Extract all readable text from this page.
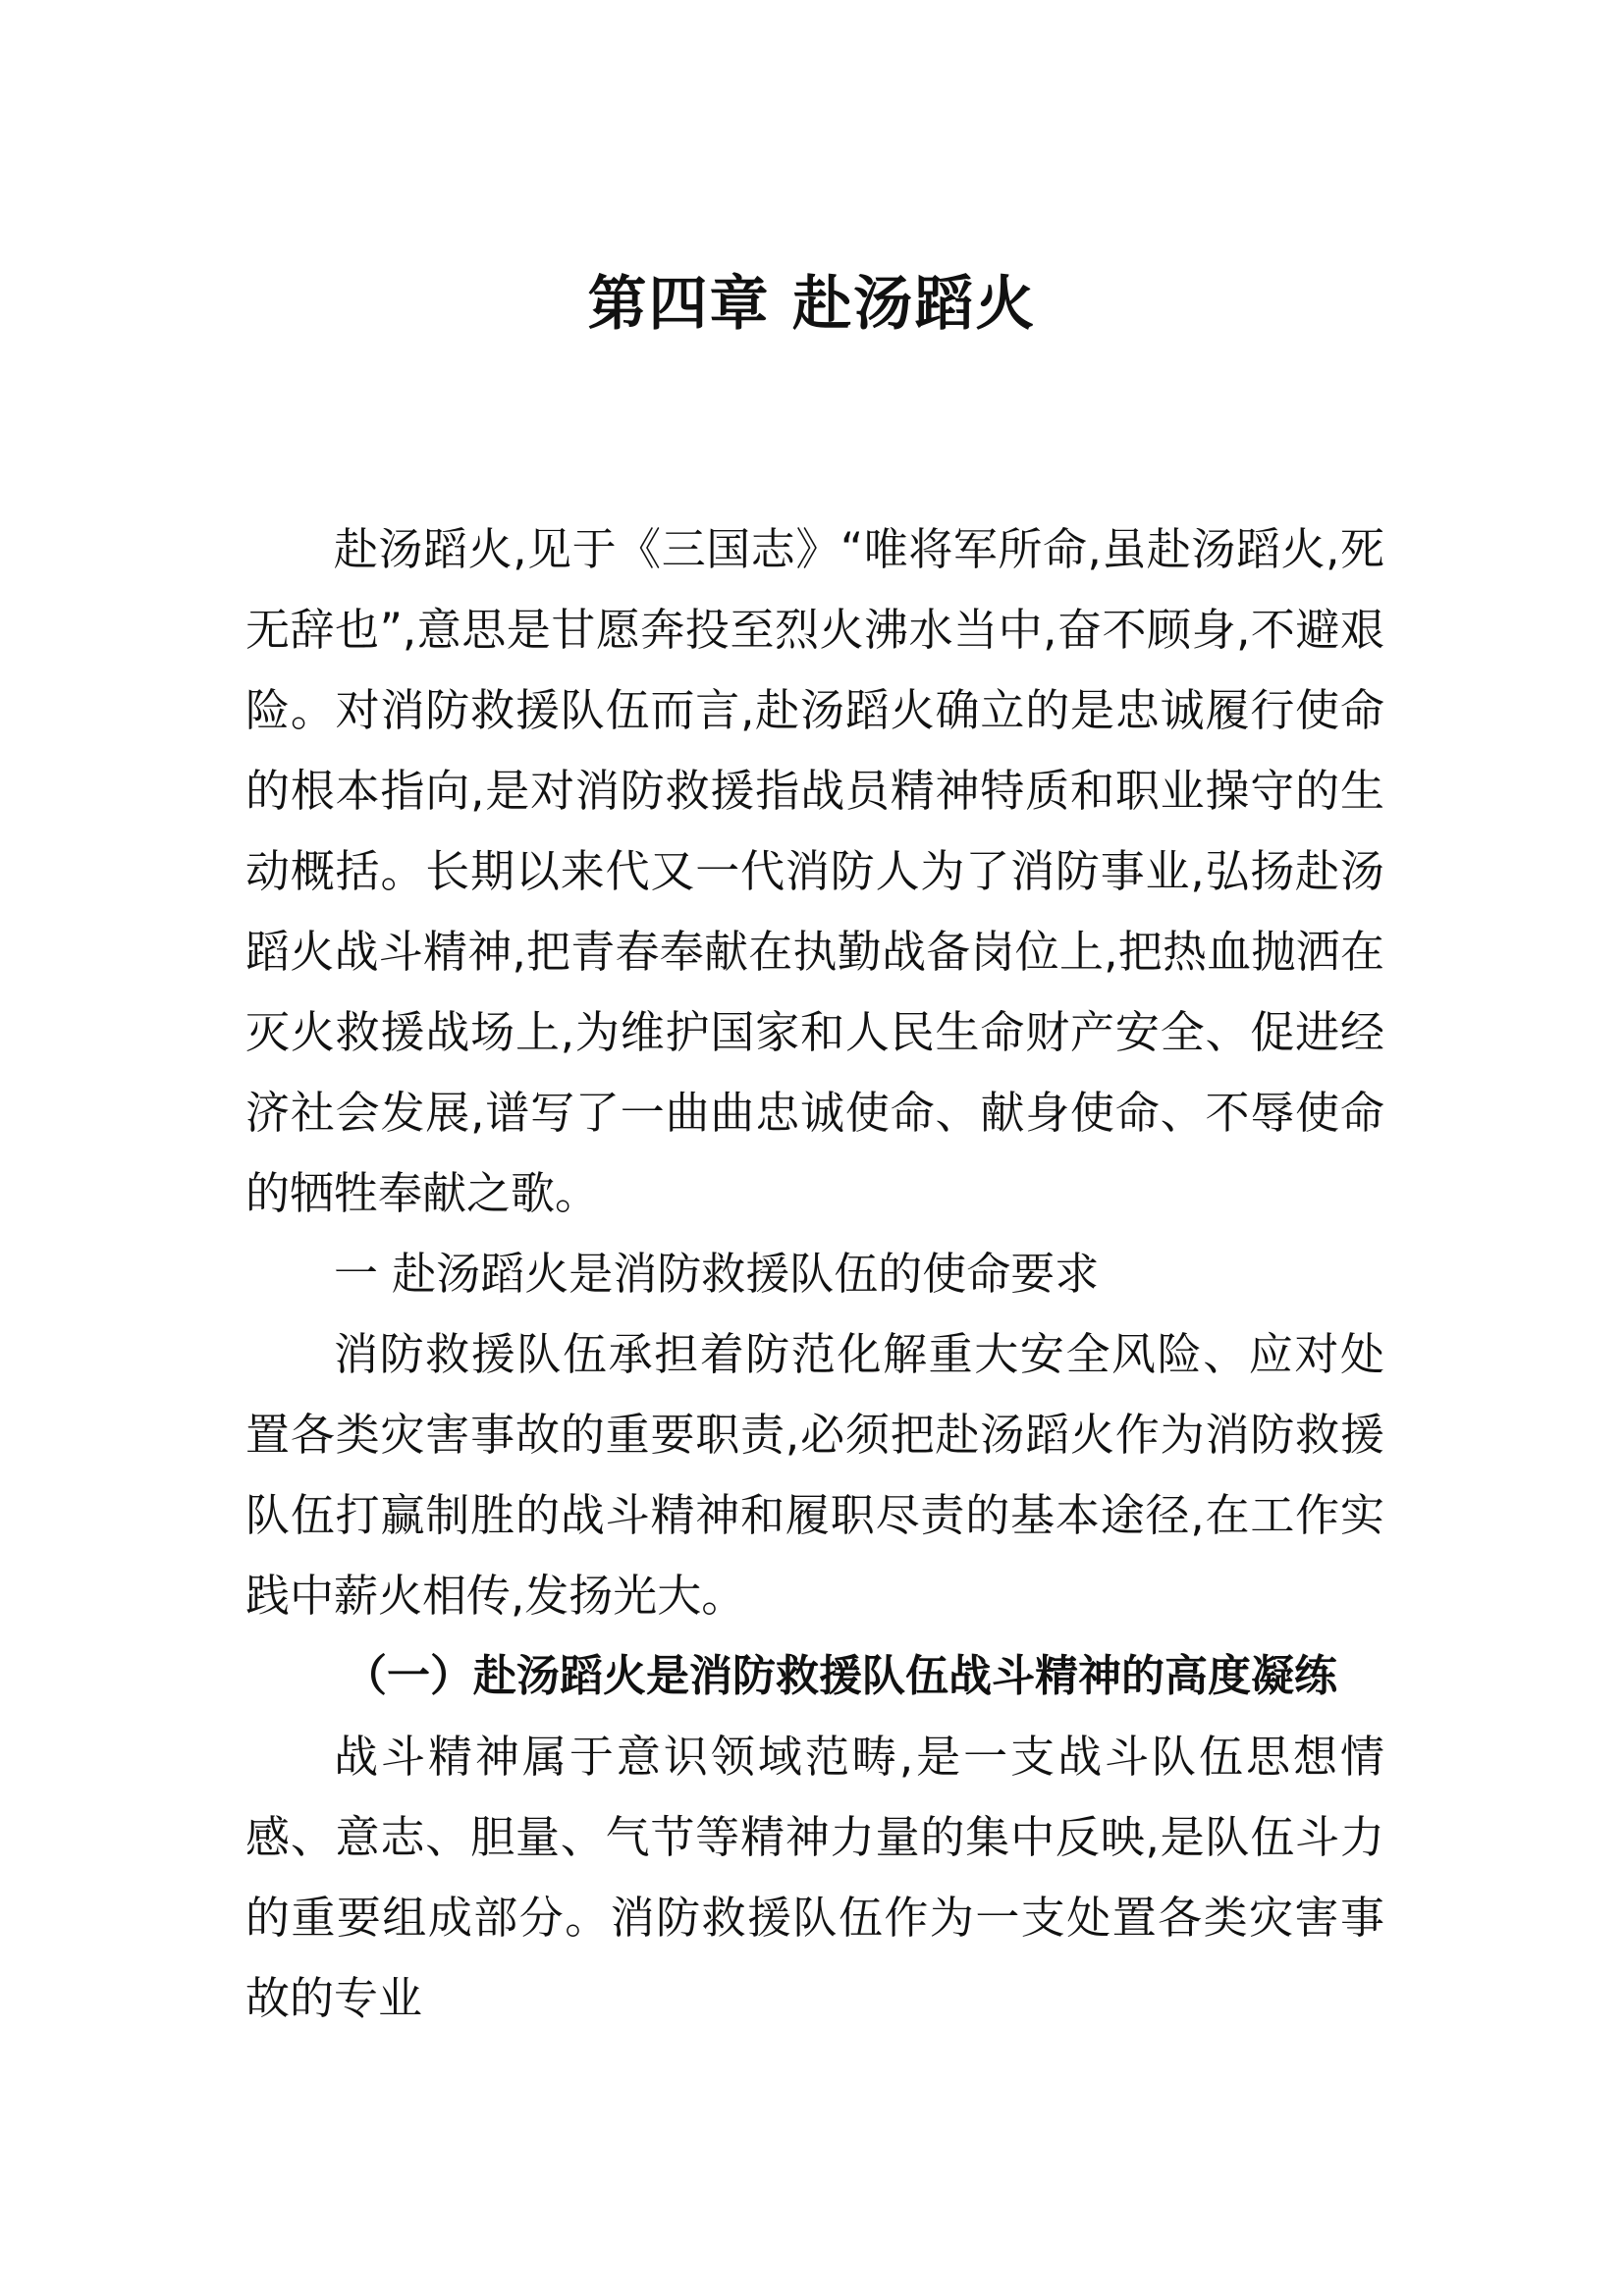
第四章 赴汤蹈火

赴汤蹈火,见于《三国志》“唯将军所命,虽赴汤蹈火,死无辞也”,意思是甘愿奔投至烈火沸水当中,奋不顾身,不避艰险。对消防救援队伍而言,赴汤蹈火确立的是忠诚履行使命的根本指向,是对消防救援指战员精神特质和职业操守的生动概括。长期以来代又一代消防人为了消防事业,弘扬赴汤蹈火战斗精神,把青春奉献在执勤战备岗位上,把热血抛洒在灭火救援战场上,为维护国家和人民生命财产安全、促进经济社会发展,谱写了一曲曲忠诚使命、献身使命、不辱使命的牺牲奉献之歌。

一 赴汤蹈火是消防救援队伍的使命要求

消防救援队伍承担着防范化解重大安全风险、应对处置各类灾害事故的重要职责,必须把赴汤蹈火作为消防救援队伍打赢制胜的战斗精神和履职尽责的基本途径,在工作实践中薪火相传,发扬光大。

（一）赴汤蹈火是消防救援队伍战斗精神的高度凝练

战斗精神属于意识领域范畴,是一支战斗队伍思想情感、意志、胆量、气节等精神力量的集中反映,是队伍斗力的重要组成部分。消防救援队伍作为一支处置各类灾害事故的专业
